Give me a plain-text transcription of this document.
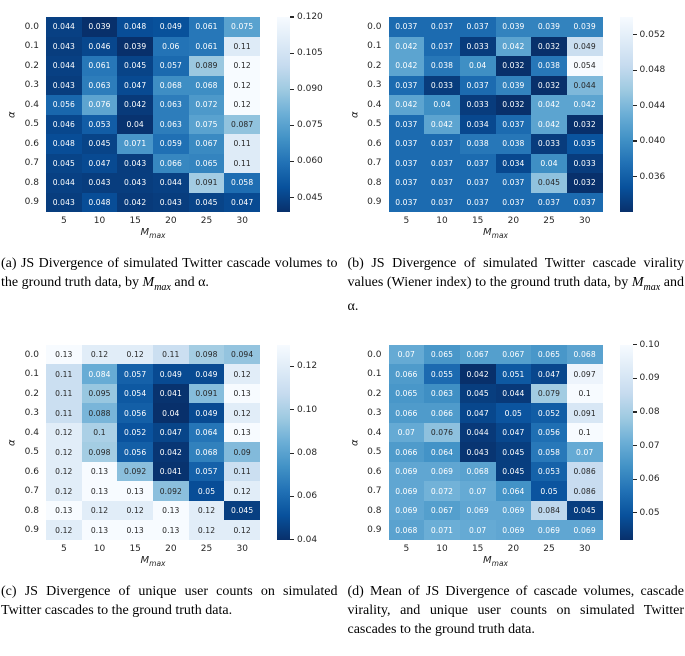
α
0.0
0.1
0.2
0.3
0.4
0.5
0.6
0.7
0.8
0.9
0.044	0.039	0.048	0.049	0.061	0.075
0.043	0.046	0.039	0.06	0.061	0.11
0.044	0.061	0.045	0.057	0.089	0.12
0.043	0.063	0.047	0.068	0.068	0.12
0.056	0.076	0.042	0.063	0.072	0.12
0.046	0.053	0.04	0.063	0.075	0.087
0.048	0.045	0.071	0.059	0.067	0.11
0.045	0.047	0.043	0.066	0.065	0.11
0.044	0.043	0.043	0.044	0.091	0.058
0.043	0.048	0.042	0.043	0.045	0.047
5	10	15	20	25	30
$M_{max}$
0.120
0.105
0.090
0.075
0.060
0.045
α
0.0
0.1
0.2
0.3
0.4
0.5
0.6
0.7
0.8
0.9
0.037	0.037	0.037	0.039	0.039	0.039
0.042	0.037	0.033	0.042	0.032	0.049
0.042	0.038	0.04	0.032	0.038	0.054
0.037	0.033	0.037	0.039	0.032	0.044
0.042	0.04	0.033	0.032	0.042	0.042
0.037	0.042	0.034	0.037	0.042	0.032
0.037	0.037	0.038	0.038	0.033	0.035
0.037	0.037	0.037	0.034	0.04	0.033
0.037	0.037	0.037	0.037	0.045	0.032
0.037	0.037	0.037	0.037	0.037	0.037
5	10	15	20	25	30
$M_{max}$
0.052
0.048
0.044
0.040
0.036
(a) JS Divergence of simulated Twitter cascade volumes to the ground truth data, by $M_{max}$ and α.
(b) JS Divergence of simulated Twitter cascade virality values (Wiener index) to the ground truth data, by $M_{max}$ and α.
α
0.0
0.1
0.2
0.3
0.4
0.5
0.6
0.7
0.8
0.9
0.13	0.12	0.12	0.11	0.098	0.094
0.11	0.084	0.057	0.049	0.049	0.12
0.11	0.095	0.054	0.041	0.091	0.13
0.11	0.088	0.056	0.04	0.049	0.12
0.12	0.1	0.052	0.047	0.064	0.13
0.12	0.098	0.056	0.042	0.068	0.09
0.12	0.13	0.092	0.041	0.057	0.11
0.12	0.13	0.13	0.092	0.05	0.12
0.13	0.12	0.12	0.13	0.12	0.045
0.12	0.13	0.13	0.13	0.12	0.12
5	10	15	20	25	30
$M_{max}$
0.12
0.10
0.08
0.06
0.04
α
0.0
0.1
0.2
0.3
0.4
0.5
0.6
0.7
0.8
0.9
0.07	0.065	0.067	0.067	0.065	0.068
0.066	0.055	0.042	0.051	0.047	0.097
0.065	0.063	0.045	0.044	0.079	0.1
0.066	0.066	0.047	0.05	0.052	0.091
0.07	0.076	0.044	0.047	0.056	0.1
0.066	0.064	0.043	0.045	0.058	0.07
0.069	0.069	0.068	0.045	0.053	0.086
0.069	0.072	0.07	0.064	0.05	0.086
0.069	0.067	0.069	0.069	0.084	0.045
0.068	0.071	0.07	0.069	0.069	0.069
5	10	15	20	25	30
$M_{max}$
0.10
0.09
0.08
0.07
0.06
0.05
(c) JS Divergence of unique user counts on simulated Twitter cascades to the ground truth data.
(d) Mean of JS Divergence of cascade volumes, cascade virality, and unique user counts on simulated Twitter cascades to the ground truth data.
